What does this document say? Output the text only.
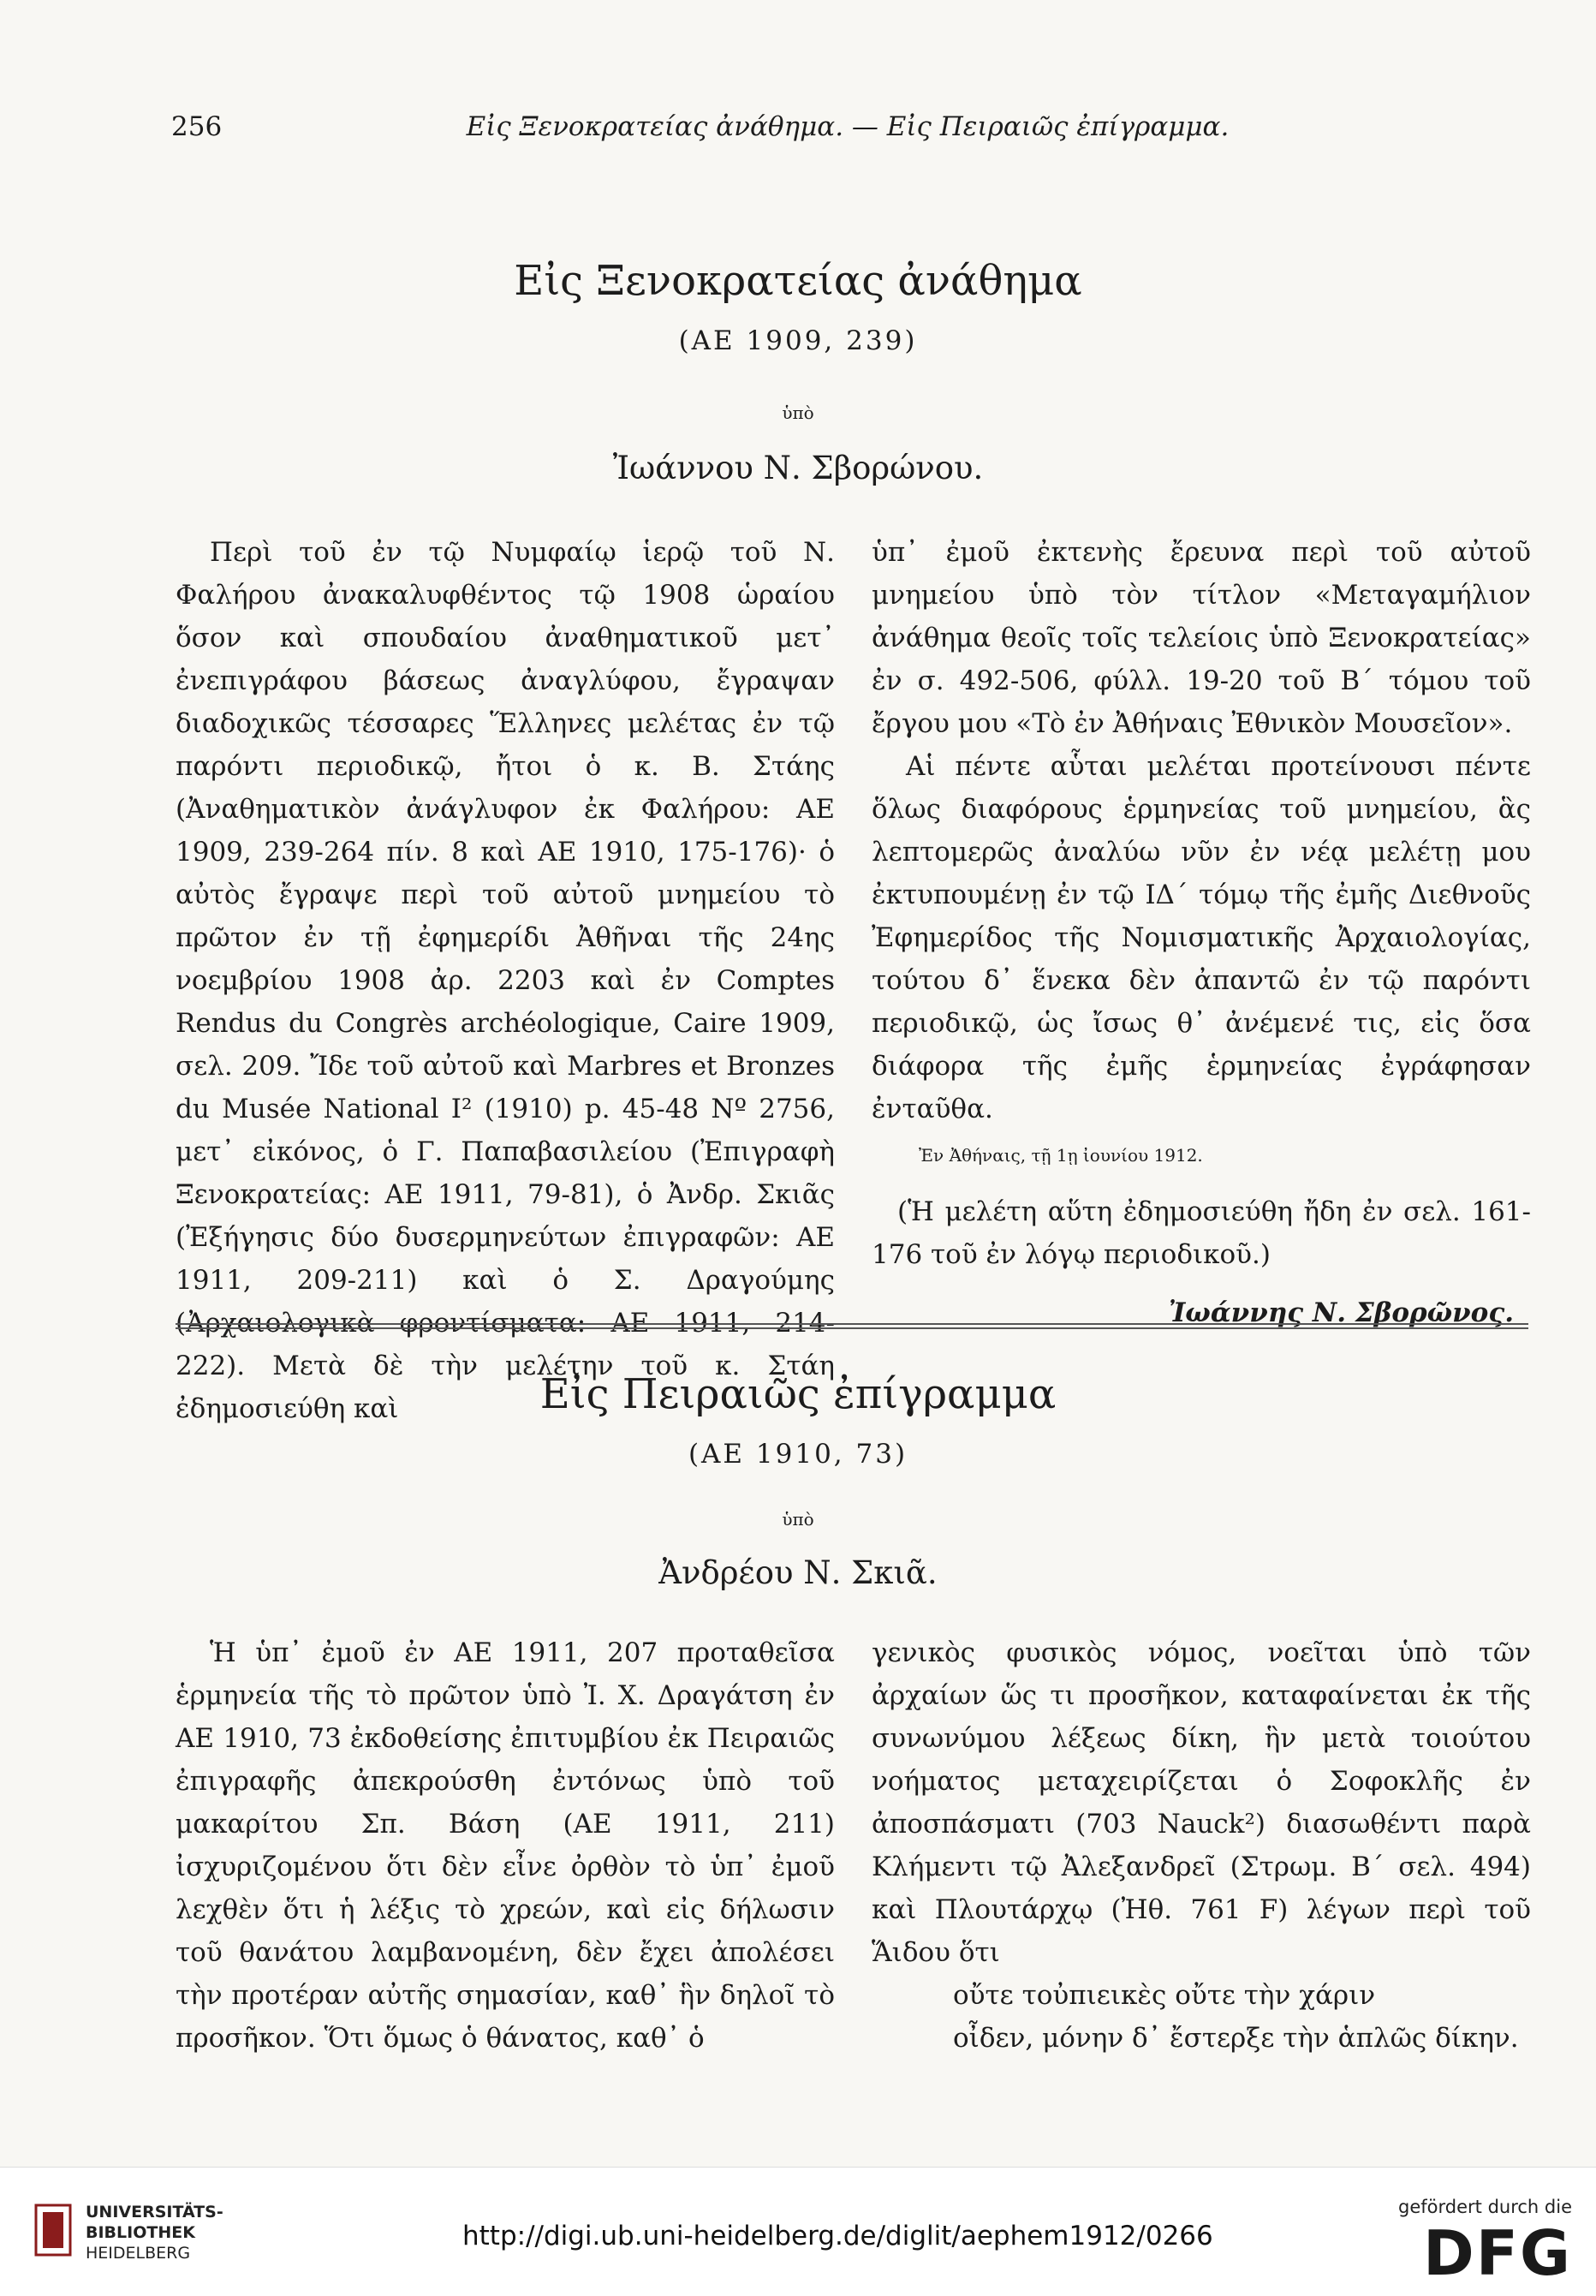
256	Εἰς Ξενοκρατείας ἀνάθημα. — Εἰς Πειραιῶς ἐπίγραμμα.
Εἰς Ξενοκρατείας ἀνάθημα
(ΑΕ 1909, 239)
ὑπὸ
Ἰωάννου Ν. Σβορώνου.

Περὶ τοῦ ἐν τῷ Νυμφαίῳ ἱερῷ τοῦ Ν. Φαλήρου ἀνακαλυφθέντος τῷ 1908 ὡραίου ὅσον καὶ σπουδαίου ἀναθηματικοῦ μετ᾽ ἐνεπιγράφου βάσεως ἀναγλύφου, ἔγραψαν διαδοχικῶς τέσσαρες Ἕλληνες μελέτας ἐν τῷ παρόντι περιοδικῷ, ἤτοι ὁ κ. Β. Στάης (Ἀναθηματικὸν ἀνάγλυφον ἐκ Φαλήρου: ΑΕ 1909, 239-264 πίν. 8 καὶ ΑΕ 1910, 175-176)· ὁ αὐτὸς ἔγραψε περὶ τοῦ αὐτοῦ μνημείου τὸ πρῶτον ἐν τῇ ἐφημερίδι Ἀθῆναι τῆς 24ης νοεμβρίου 1908 ἀρ. 2203 καὶ ἐν Comptes Rendus du Congrès archéologique, Caire 1909, σελ. 209. Ἴδε τοῦ αὐτοῦ καὶ Marbres et Bronzes du Musée National I² (1910) p. 45-48 Nº 2756, μετ᾽ εἰκόνος, ὁ Γ. Παπαβασιλείου (Ἐπιγραφὴ Ξενοκρατείας: ΑΕ 1911, 79-81), ὁ Ἀνδρ. Σκιᾶς (Ἐξήγησις δύο δυσερμηνεύτων ἐπιγραφῶν: ΑΕ 1911, 209-211) καὶ ὁ Σ. Δραγούμης (Ἀρχαιολογικὰ φροντίσματα: ΑΕ 1911, 214-222). Μετὰ δὲ τὴν μελέτην τοῦ κ. Στάη ἐδημοσιεύθη καὶ

ὑπ᾽ ἐμοῦ ἐκτενὴς ἔρευνα περὶ τοῦ αὐτοῦ μνημείου ὑπὸ τὸν τίτλον «Μεταγαμήλιον ἀνάθημα θεοῖς τοῖς τελείοις ὑπὸ Ξενοκρατείας» ἐν σ. 492-506, φύλλ. 19-20 τοῦ Β´ τόμου τοῦ ἔργου μου «Τὸ ἐν Ἀθήναις Ἐθνικὸν Μουσεῖον».

Αἱ πέντε αὗται μελέται προτείνουσι πέντε ὅλως διαφόρους ἑρμηνείας τοῦ μνημείου, ἃς λεπτομερῶς ἀναλύω νῦν ἐν νέᾳ μελέτῃ μου ἐκτυπουμένῃ ἐν τῷ ΙΔ´ τόμῳ τῆς ἐμῆς Διεθνοῦς Ἐφημερίδος τῆς Νομισματικῆς Ἀρχαιολογίας, τούτου δ᾽ ἕνεκα δὲν ἀπαντῶ ἐν τῷ παρόντι περιοδικῷ, ὡς ἴσως θ᾽ ἀνέμενέ τις, εἰς ὅσα διάφορα τῆς ἐμῆς ἑρμηνείας ἐγράφησαν ἐνταῦθα.

Ἐν Ἀθήναις, τῇ 1ῃ ἰουνίου 1912.

(Ἡ μελέτη αὕτη ἐδημοσιεύθη ἤδη ἐν σελ. 161-176 τοῦ ἐν λόγῳ περιοδικοῦ.)

Ἰωάννης Ν. Σβορῶνος.

Εἰς Πειραιῶς ἐπίγραμμα
(ΑΕ 1910, 73)
ὑπὸ
Ἀνδρέου Ν. Σκιᾶ.

Ἡ ὑπ᾽ ἐμοῦ ἐν ΑΕ 1911, 207 προταθεῖσα ἑρμηνεία τῆς τὸ πρῶτον ὑπὸ Ἰ. Χ. Δραγάτση ἐν ΑΕ 1910, 73 ἐκδοθείσης ἐπιτυμβίου ἐκ Πειραιῶς ἐπιγραφῆς ἀπεκρούσθη ἐντόνως ὑπὸ τοῦ μακαρίτου Σπ. Βάση (ΑΕ 1911, 211) ἰσχυριζομένου ὅτι δὲν εἶνε ὀρθὸν τὸ ὑπ᾽ ἐμοῦ λεχθὲν ὅτι ἡ λέξις τὸ χρεών, καὶ εἰς δήλωσιν τοῦ θανάτου λαμβανομένη, δὲν ἔχει ἀπολέσει τὴν προτέραν αὐτῆς σημασίαν, καθ᾽ ἣν δηλοῖ τὸ προσῆκον. Ὅτι ὅμως ὁ θάνατος, καθ᾽ ὁ

γενικὸς φυσικὸς νόμος, νοεῖται ὑπὸ τῶν ἀρχαίων ὥς τι προσῆκον, καταφαίνεται ἐκ τῆς συνωνύμου λέξεως δίκη, ἣν μετὰ τοιούτου νοήματος μεταχειρίζεται ὁ Σοφοκλῆς ἐν ἀποσπάσματι (703 Nauck²) διασωθέντι παρὰ Κλήμεντι τῷ Ἀλεξανδρεῖ (Στρωμ. Β´ σελ. 494) καὶ Πλουτάρχῳ (Ἠθ. 761 F) λέγων περὶ τοῦ Ἅιδου ὅτι

οὔτε τοὐπιεικὲς οὔτε τὴν χάριν

οἶδεν, μόνην δ᾽ ἔστερξε τὴν ἁπλῶς δίκην.

UNIVERSITÄTS-
BIBLIOTHEK
HEIDELBERG
http://digi.ub.uni-heidelberg.de/diglit/aephem1912/0266
gefördert durch die
DFG
